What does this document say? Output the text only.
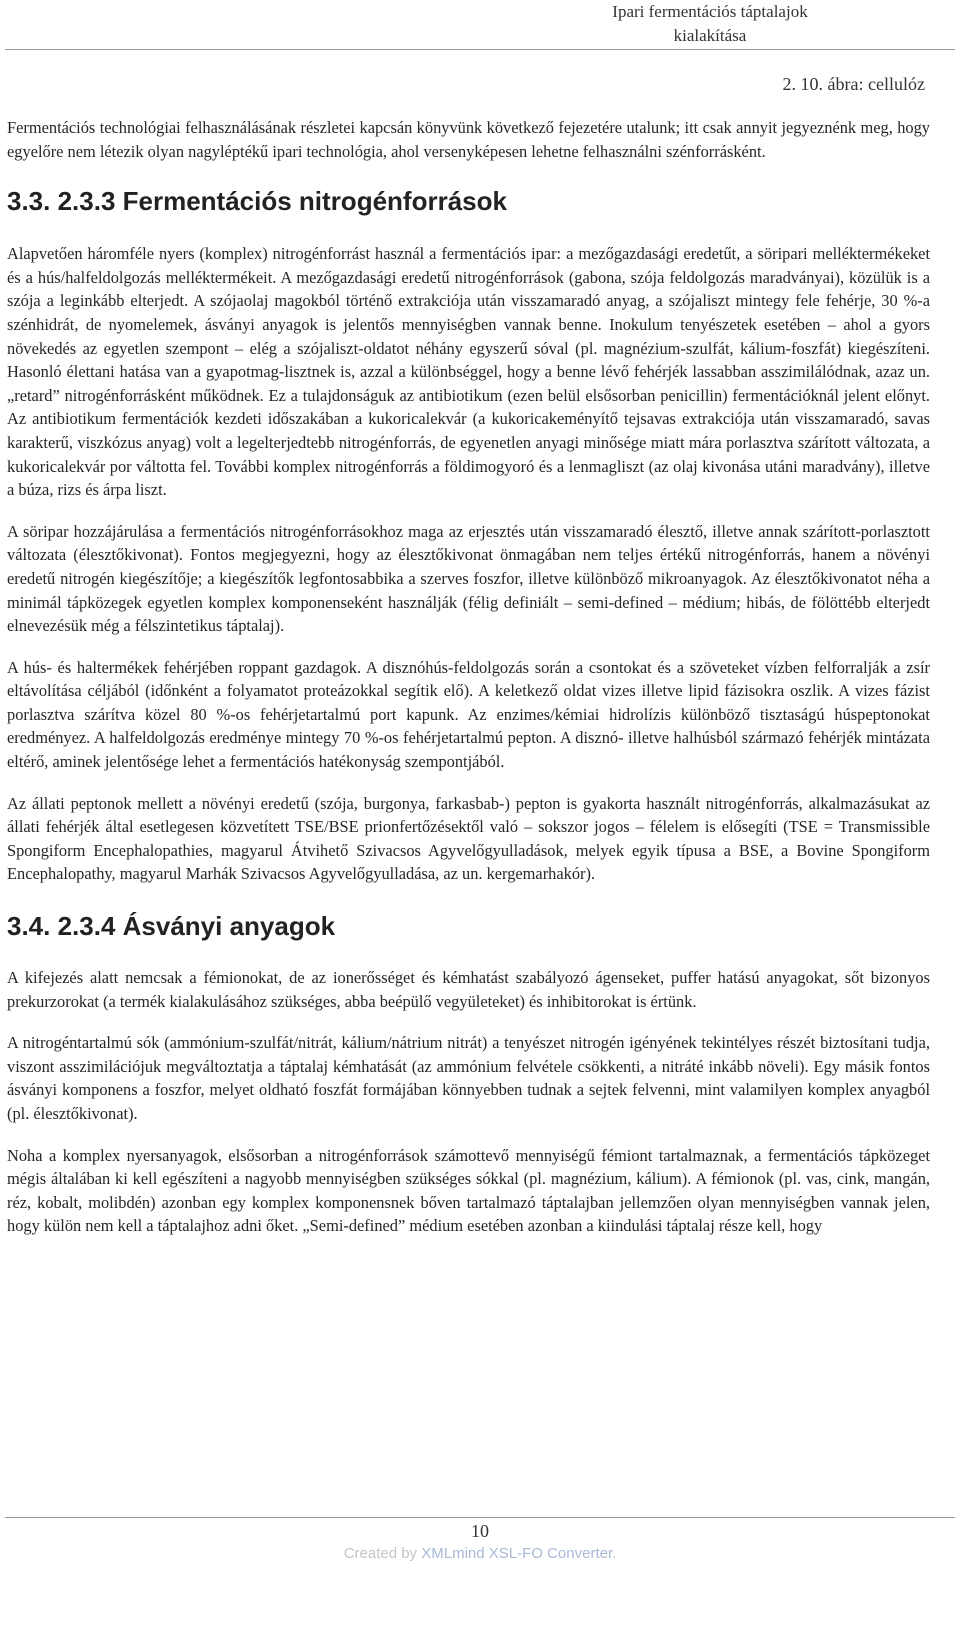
Ipari fermentációs táptalajok
kialakítása
2. 10. ábra: cellulóz

Fermentációs technológiai felhasználásának részletei kapcsán könyvünk következő fejezetére utalunk; itt csak annyit jegyeznénk meg, hogy egyelőre nem létezik olyan nagyléptékű ipari technológia, ahol versenyképesen lehetne felhasználni szénforrásként.

3.3. 2.3.3 Fermentációs nitrogénforrások

Alapvetően háromféle nyers (komplex) nitrogénforrást használ a fermentációs ipar: a mezőgazdasági eredetűt, a söripari melléktermékeket és a hús/halfeldolgozás melléktermékeit. A mezőgazdasági eredetű nitrogénforrások (gabona, szója feldolgozás maradványai), közülük is a szója a leginkább elterjedt. A szójaolaj magokból történő extrakciója után visszamaradó anyag, a szójaliszt mintegy fele fehérje, 30 %-a szénhidrát, de nyomelemek, ásványi anyagok is jelentős mennyiségben vannak benne. Inokulum tenyészetek esetében – ahol a gyors növekedés az egyetlen szempont – elég a szójaliszt-oldatot néhány egyszerű sóval (pl. magnézium-szulfát, kálium-foszfát) kiegészíteni. Hasonló élettani hatása van a gyapotmag-lisztnek is, azzal a különbséggel, hogy a benne lévő fehérjék lassabban asszimilálódnak, azaz un. „retard” nitrogénforrásként működnek. Ez a tulajdonságuk az antibiotikum (ezen belül elsősorban penicillin) fermentációknál jelent előnyt. Az antibiotikum fermentációk kezdeti időszakában a kukoricalekvár (a kukoricakeményítő tejsavas extrakciója után visszamaradó, savas karakterű, viszkózus anyag) volt a legelterjedtebb nitrogénforrás, de egyenetlen anyagi minősége miatt mára porlasztva szárított változata, a kukoricalekvár por váltotta fel. További komplex nitrogénforrás a földimogyoró és a lenmagliszt (az olaj kivonása utáni maradvány), illetve a búza, rizs és árpa liszt.

A söripar hozzájárulása a fermentációs nitrogénforrásokhoz maga az erjesztés után visszamaradó élesztő, illetve annak szárított-porlasztott változata (élesztőkivonat). Fontos megjegyezni, hogy az élesztőkivonat önmagában nem teljes értékű nitrogénforrás, hanem a növényi eredetű nitrogén kiegészítője; a kiegészítők legfontosabbika a szerves foszfor, illetve különböző mikroanyagok. Az élesztőkivonatot néha a minimál tápközegek egyetlen komplex komponenseként használják (félig definiált – semi-defined – médium; hibás, de fölöttébb elterjedt elnevezésük még a félszintetikus táptalaj).

A hús- és haltermékek fehérjében roppant gazdagok. A disznóhús-feldolgozás során a csontokat és a szöveteket vízben felforralják a zsír eltávolítása céljából (időnként a folyamatot proteázokkal segítik elő). A keletkező oldat vizes illetve lipid fázisokra oszlik. A vizes fázist porlasztva szárítva közel 80 %-os fehérjetartalmú port kapunk. Az enzimes/kémiai hidrolízis különböző tisztaságú húspeptonokat eredményez. A halfeldolgozás eredménye mintegy 70 %-os fehérjetartalmú pepton. A disznó- illetve halhúsból származó fehérjék mintázata eltérő, aminek jelentősége lehet a fermentációs hatékonyság szempontjából.

Az állati peptonok mellett a növényi eredetű (szója, burgonya, farkasbab-) pepton is gyakorta használt nitrogénforrás, alkalmazásukat az állati fehérjék által esetlegesen közvetített TSE/BSE prionfertőzésektől való – sokszor jogos – félelem is elősegíti (TSE = Transmissible Spongiform Encephalopathies, magyarul Átvihető Szivacsos Agyvelőgyulladások, melyek egyik típusa a BSE, a Bovine Spongiform Encephalopathy, magyarul Marhák Szivacsos Agyvelőgyulladása, az un. kergemarhakór).

3.4. 2.3.4 Ásványi anyagok

A kifejezés alatt nemcsak a fémionokat, de az ionerősséget és kémhatást szabályozó ágenseket, puffer hatású anyagokat, sőt bizonyos prekurzorokat (a termék kialakulásához szükséges, abba beépülő vegyületeket) és inhibitorokat is értünk.

A nitrogéntartalmú sók (ammónium-szulfát/nitrát, kálium/nátrium nitrát) a tenyészet nitrogén igényének tekintélyes részét biztosítani tudja, viszont asszimilációjuk megváltoztatja a táptalaj kémhatását (az ammónium felvétele csökkenti, a nitráté inkább növeli). Egy másik fontos ásványi komponens a foszfor, melyet oldható foszfát formájában könnyebben tudnak a sejtek felvenni, mint valamilyen komplex anyagból (pl. élesztőkivonat).

Noha a komplex nyersanyagok, elsősorban a nitrogénforrások számottevő mennyiségű fémiont tartalmaznak, a fermentációs tápközeget mégis általában ki kell egészíteni a nagyobb mennyiségben szükséges sókkal (pl. magnézium, kálium). A fémionok (pl. vas, cink, mangán, réz, kobalt, molibdén) azonban egy komplex komponensnek bőven tartalmazó táptalajban jellemzően olyan mennyiségben vannak jelen, hogy külön nem kell a táptalajhoz adni őket. „Semi-defined” médium esetében azonban a kiindulási táptalaj része kell, hogy

10
Created by XMLmind XSL-FO Converter.
